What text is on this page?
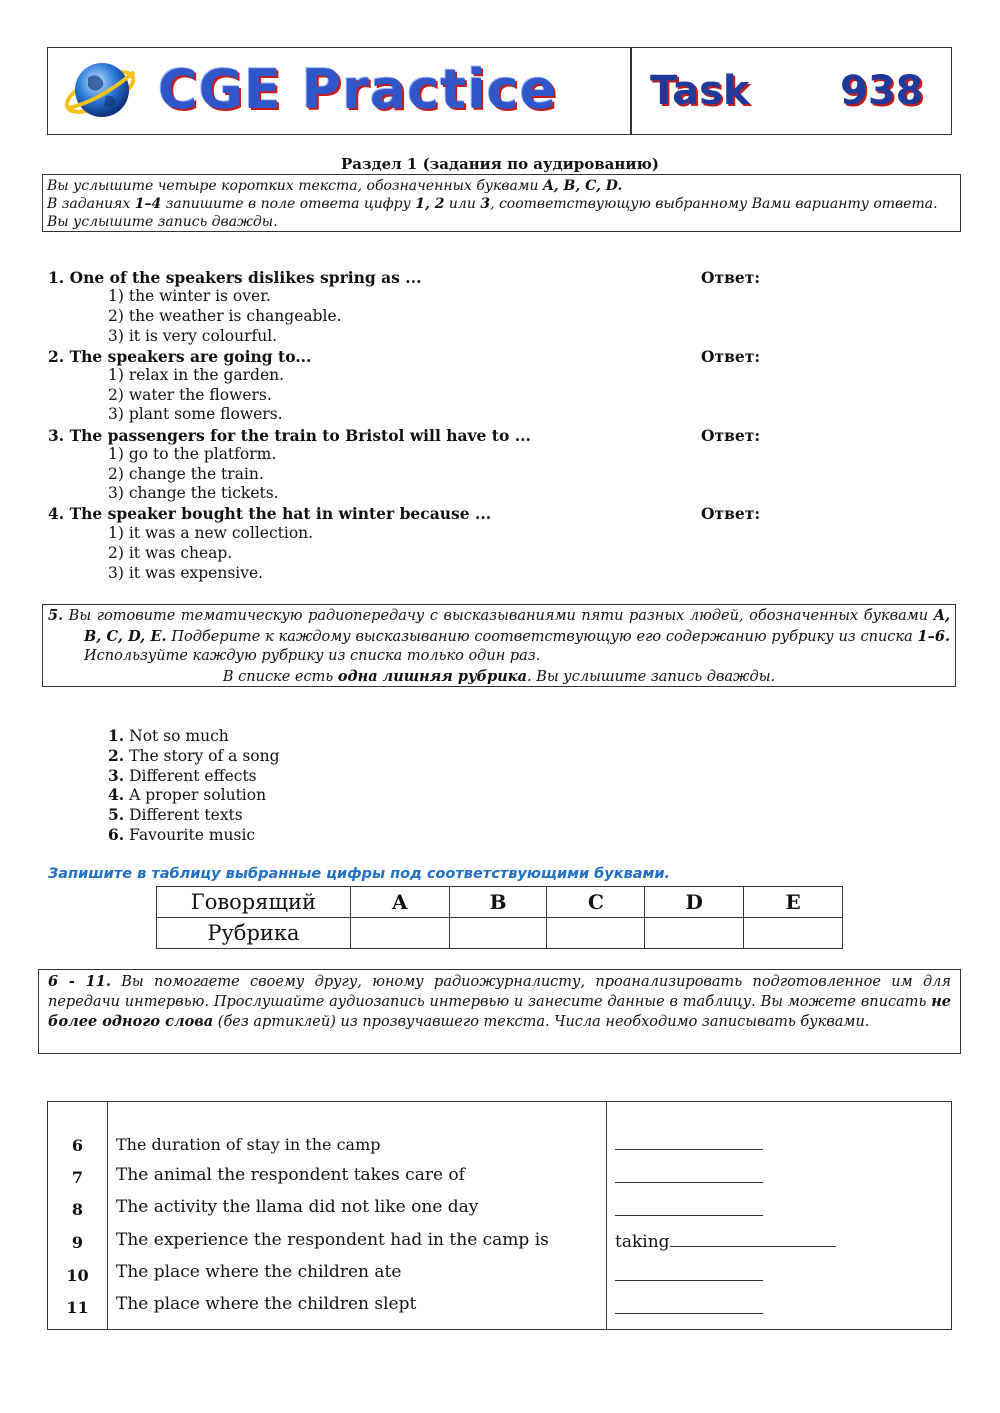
CGE Practice Task 938
Раздел 1 (задания по аудированию)
Вы услышите четыре коротких текста, обозначенных буквами A, B, C, D.
В заданиях 1–4 запишите в поле ответа цифру 1, 2 или 3, соответствующую выбранному Вами варианту ответа.
Вы услышите запись дважды.
1. One of the speakers dislikes spring as ...	Ответ:
1) the winter is over.
2) the weather is changeable.
3) it is very colourful.
2. The speakers are going to...	Ответ:
1) relax in the garden.
2) water the flowers.
3) plant some flowers.
3. The passengers for the train to Bristol will have to ...	Ответ:
1) go to the platform.
2) change the train.
3) change the tickets.
4. The speaker bought the hat in winter because ...	Ответ:
1) it was a new collection.
2) it was cheap.
3) it was expensive.
5. Вы готовите тематическую радиопередачу с высказываниями пяти разных людей, обозначенных буквами A, B, C, D, E. Подберите к каждому высказыванию соответствующую его содержанию рубрику из списка 1–6. Используйте каждую рубрику из списка только один раз.
В списке есть одна лишняя рубрика. Вы услышите запись дважды.
1. Not so much
2. The story of a song
3. Different effects
4. A proper solution
5. Different texts
6. Favourite music
Запишите в таблицу выбранные цифры под соответствующими буквами.
Говорящий	A	B	C	D	E
Рубрика					
6 - 11. Вы помогаете своему другу, юному радиожурналисту, проанализировать подготовленное им для передачи интервью. Прослушайте аудиозапись интервью и занесите данные в таблицу. Вы можете вписать не более одного слова (без артиклей) из прозвучавшего текста. Числа необходимо записывать буквами.
6	The duration of stay in the camp
7	The animal the respondent takes care of
8	The activity the llama did not like one day
9	The experience the respondent had in the camp is	taking
10	The place where the children ate
11	The place where the children slept
